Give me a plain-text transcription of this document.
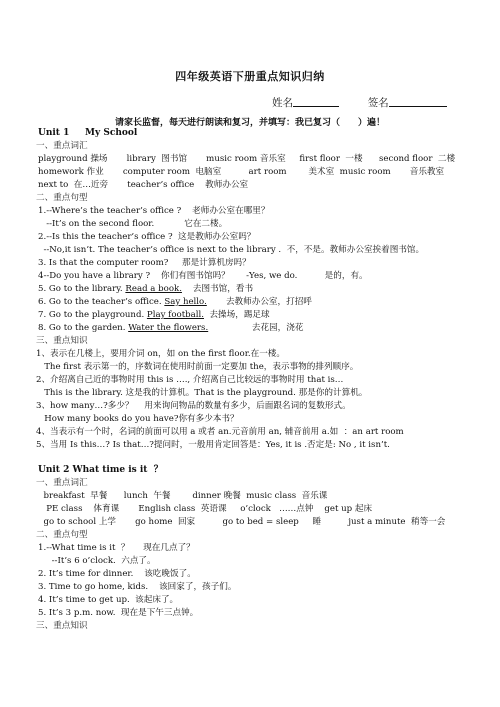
四年级英语下册重点知识归纳
姓名	签名
请家长监督，每天进行朗读和复习，并填写：我已复习（　　）遍！
Unit 1     My School
一、重点词汇
playground 操场       library  图书馆       music room 音乐室     first floor  一楼      second floor  二楼
homework 作业       computer room  电脑室          art room        美术室  music room       音乐教室
next to  在…近旁       teacher’s office    教师办公室
二、重点句型
1.--Where’s the teacher’s office ?    老师办公室在哪里？
--It’s on the second floor.           它在二楼。
2.--Is this the teacher’s office ?  这是教师办公室吗？
--No,it isn’t. The teacher’s office is next to the library .  不，不是。教师办公室挨着图书馆。
3. Is that the computer room?     那是计算机房吗？
4--Do you have a library ?    你们有图书馆吗？      -Yes, we do.          是的，有。
5. Go to the library. Read a book.    去图书馆，看书
6. Go to the teacher’s office. Say hello.       去教师办公室，打招呼
7. Go to the playground. Play football.  去操场，踢足球
8. Go to the garden. Water the flowers.                去花园，浇花
三、重点知识
1、表示在几楼上，要用介词 on，如 on the first floor.在一楼。
The first 表示第一的，序数词在使用时前面一定要加 the，表示事物的排列顺序。
2、介绍离自己近的事物时用 this is …., 介绍离自己比较远的事物时用 that is…
This is the library. 这是我的计算机。That is the playground. 那是你的计算机。
3、how many…?多少？    用来询问物品的数量有多少，后面跟名词的复数形式。
How many books do you have?你有多少本书？
4、当表示有一个时，名词的前面可以用 a 或者 an.元音前用 an, 辅音前用 a.如  ：an art room
5、当用 Is this…? Is that…?提问时，一般用肯定回答是：Yes, it is .否定是: No , it isn’t.
Unit 2 What time is it  ？
一、重点词汇
breakfast  早餐      lunch  午餐        dinner 晚餐  music class  音乐课
PE class    体育课       English class  英语课     o’clock   ……点钟    get up 起床
go to school 上学       go home  回家          go to bed = sleep     睡          just a minute  稍等一会
二、重点句型
1.--What time is it  ？     现在几点了？
--It’s 6 o’clock.  六点了。
2. It’s time for dinner.    该吃晚饭了。
3. Time to go home, kids.    该回家了，孩子们。
4. It’s time to get up.  该起床了。
5. It’s 3 p.m. now.  现在是下午三点钟。
三、重点知识
